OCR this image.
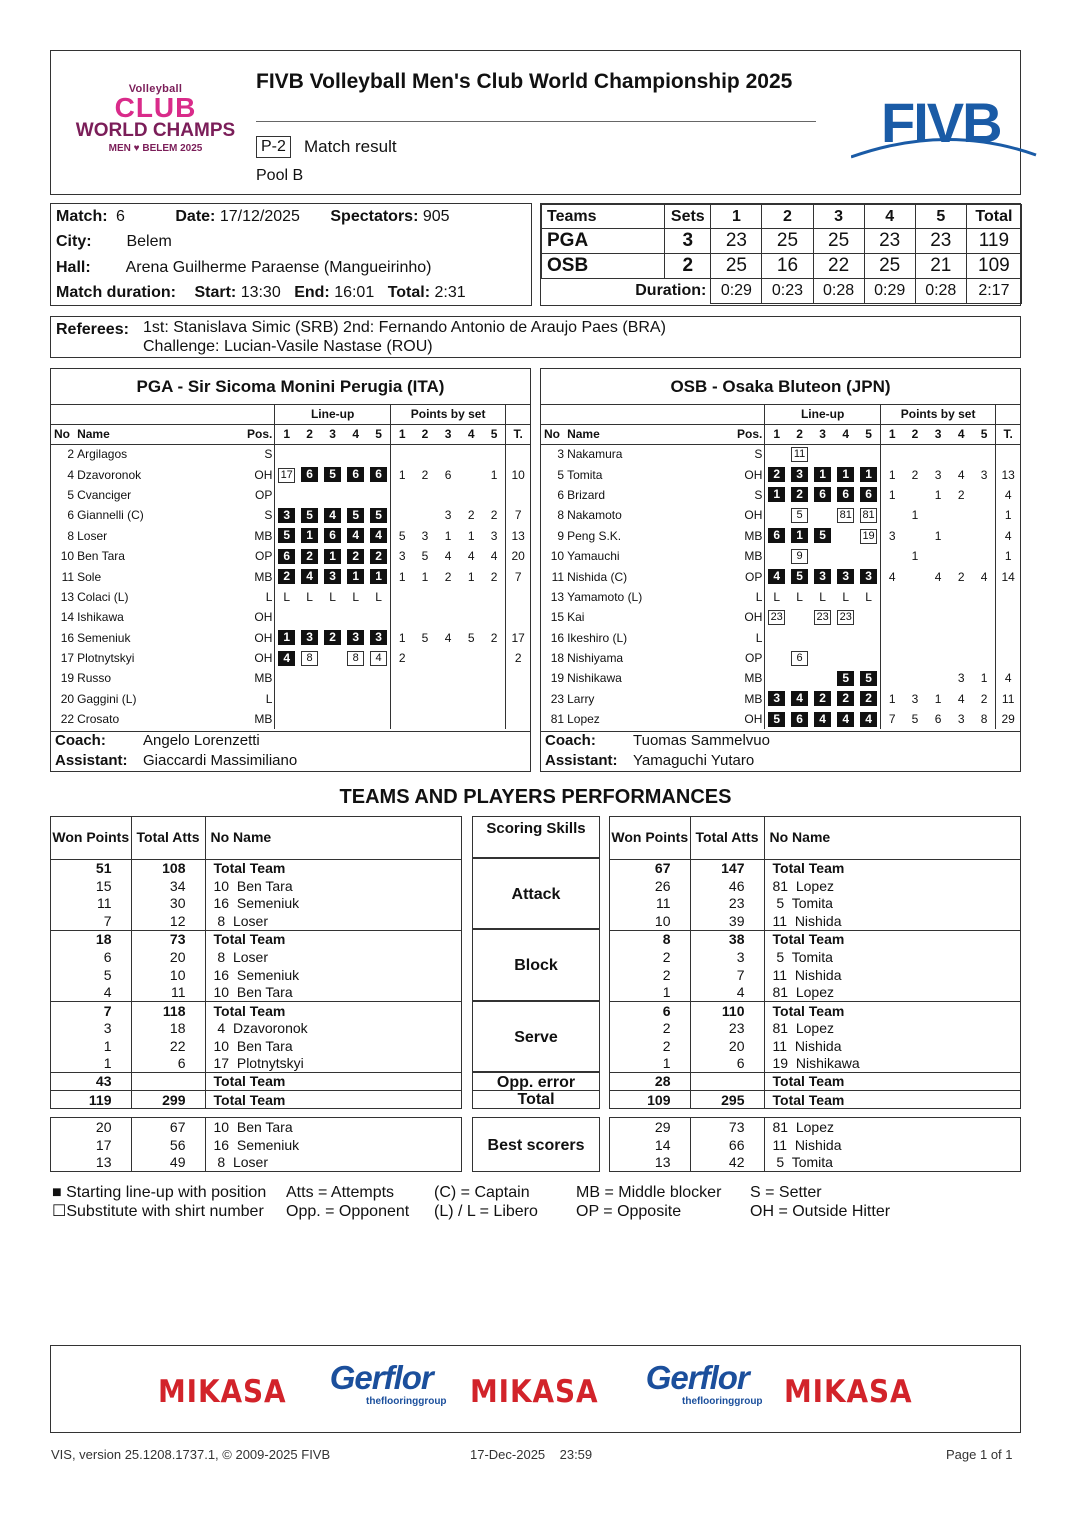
Volleyball
CLUB
WORLD CHAMPS
MEN ♥ BELEM 2025
FIVB Volleyball Men's Club World Championship 2025
P-2 Match result
Pool B
FIVB
Match: 6	Date: 17/12/2025 Spectators: 905
City: Belem
Hall: Arena Guilherme Paraense (Mangueirinho)
Match duration: Start: 13:30 End: 16:01 Total: 2:31
Teams	Sets	1	2	3	4	5	Total
PGA	3	23	25	25	23	23	119
OSB	2	25	16	22	25	21	109
Duration:		0:29	0:23	0:28	0:29	0:28	2:17
Referees: 1st: Stanislava Simic (SRB) 2nd: Fernando Antonio de Araujo Paes (BRA)
Challenge: Lucian-Vasile Nastase (ROU)
PGA - Sir Sicoma Monini Perugia (ITA)
			Line-up					Points by set					
No	Name	Pos.	1	2	3	4	5	1	2	3	4	5	T.
2	Argilagos	S											
4	Dzavoronok	OH	17	6	5	6	6	1	2	6		1	10
5	Cvanciger	OP											
6	Giannelli (C)	S	3	5	4	5	5			3	2	2	7
8	Loser	MB	5	1	6	4	4	5	3	1	1	3	13
10	Ben Tara	OP	6	2	1	2	2	3	5	4	4	4	20
11	Sole	MB	2	4	3	1	1	1	1	2	1	2	7
13	Colaci (L)	L	L	L	L	L	L						
14	Ishikawa	OH											
16	Semeniuk	OH	1	3	2	3	3	1	5	4	5	2	17
17	Plotnytskyi	OH	4	8		8	4	2					2
19	Russo	MB											
20	Gaggini (L)	L											
22	Crosato	MB											
Coach: Angelo Lorenzetti
Assistant: Giaccardi Massimiliano
OSB - Osaka Bluteon (JPN)
			Line-up					Points by set					
No	Name	Pos.	1	2	3	4	5	1	2	3	4	5	T.
3	Nakamura	S		11									
5	Tomita	OH	2	3	1	1	1	1	2	3	4	3	13
6	Brizard	S	1	2	6	6	6	1		1	2		4
8	Nakamoto	OH		5		81	81		1				1
9	Peng S.K.	MB	6	1	5		19	3		1			4
10	Yamauchi	MB		9					1				1
11	Nishida (C)	OP	4	5	3	3	3	4		4	2	4	14
13	Yamamoto (L)	L	L	L	L	L	L						
15	Kai	OH	23		23	23							
16	Ikeshiro (L)	L											
18	Nishiyama	OP		6									
19	Nishikawa	MB				5	5				3	1	4
23	Larry	MB	3	4	2	2	2	1	3	1	4	2	11
81	Lopez	OH	5	6	4	4	4	7	5	6	3	8	29
Coach: Tuomas Sammelvuo
Assistant: Yamaguchi Yutaro
TEAMS AND PLAYERS PERFORMANCES
Won Points	Total Atts	No Name
51	108	Total Team
15	34	10  Ben Tara
11	30	16  Semeniuk
7	12	8  Loser
18	73	Total Team
6	20	8  Loser
5	10	16  Semeniuk
4	11	10  Ben Tara
7	118	Total Team
3	18	4  Dzavoronok
1	22	10  Ben Tara
1	6	17  Plotnytskyi
43		Total Team
119	299	Total Team
Won Points	Total Atts	No Name
67	147	Total Team
26	46	81  Lopez
11	23	5  Tomita
10	39	11  Nishida
8	38	Total Team
2	3	5  Tomita
2	7	11  Nishida
1	4	81  Lopez
6	110	Total Team
2	23	81  Lopez
2	20	11  Nishida
1	6	19  Nishikawa
28		Total Team
109	295	Total Team
Scoring Skills
Attack
Block
Serve
Opp. error
Total
20	67	10  Ben Tara
17	56	16  Semeniuk
13	49	8  Loser
Best scorers
29	73	81  Lopez
14	66	11  Nishida
13	42	5  Tomita
■ Starting line-up with position
☐Substitute with shirt number
Atts = Attempts
Opp. = Opponent
(C) = Captain
(L) / L = Libero
MB = Middle blocker
OP = Opposite
S = Setter
OH = Outside Hitter
MIKASA	Gerflor
theflooringgroup MIKASA	Gerflor
theflooringgroup MIKASA
VIS, version 25.1208.1737.1, © 2009-2025 FIVB	17-Dec-2025    23:59	Page 1 of 1
